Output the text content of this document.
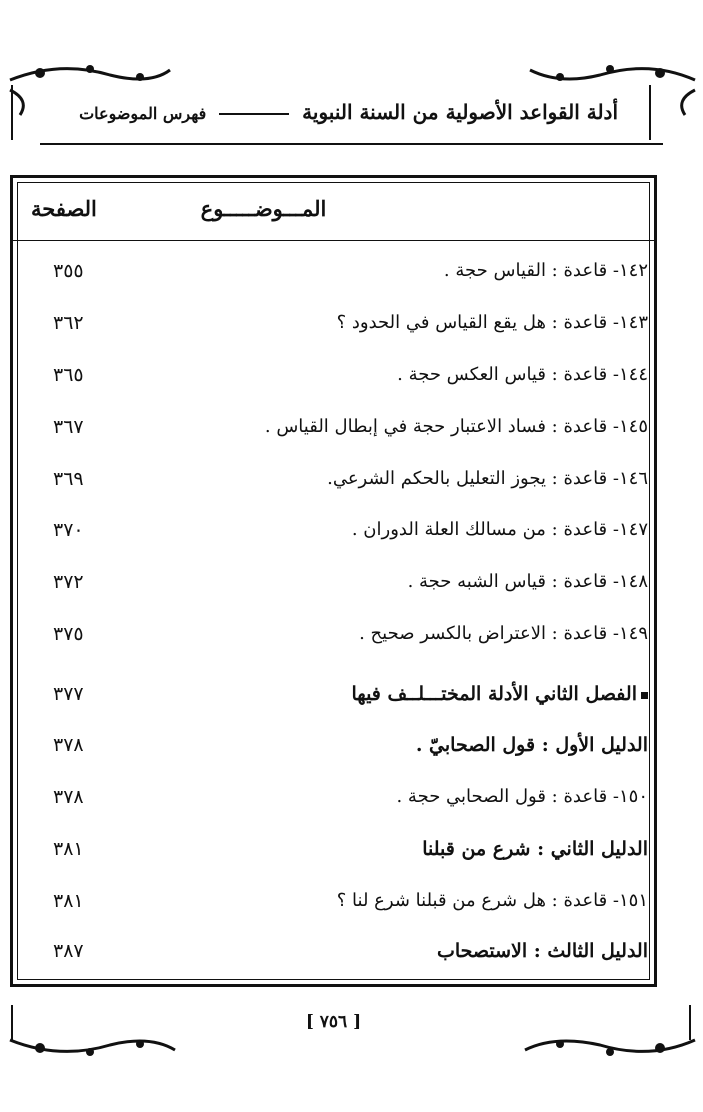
أدلة القواعد الأصولية من السنة النبوية  فهرس الموضوعات
المـــوضـــــوع
الصفحة
١٤٢- قاعدة : القياس حجة .
٣٥٥
١٤٣- قاعدة : هل يقع القياس في الحدود ؟
٣٦٢
١٤٤- قاعدة : قياس العكس حجة .
٣٦٥
١٤٥- قاعدة : فساد الاعتبار حجة في إبطال القياس .
٣٦٧
١٤٦- قاعدة : يجوز التعليل بالحكم الشرعي.
٣٦٩
١٤٧- قاعدة : من مسالك العلة الدوران .
٣٧٠
١٤٨- قاعدة : قياس الشبه حجة .
٣٧٢
١٤٩- قاعدة : الاعتراض بالكسر صحيح .
٣٧٥
الفصل الثاني الأدلة المختـــلــف فيها
٣٧٧
الدليل الأول : قول الصحابيّ .
٣٧٨
١٥٠- قاعدة : قول الصحابي حجة .
٣٧٨
الدليل الثاني : شرع من قبلنا
٣٨١
١٥١- قاعدة : هل شرع من قبلنا شرع لنا ؟
٣٨١
الدليل الثالث : الاستصحاب
٣٨٧
[ ٧٥٦ ]
